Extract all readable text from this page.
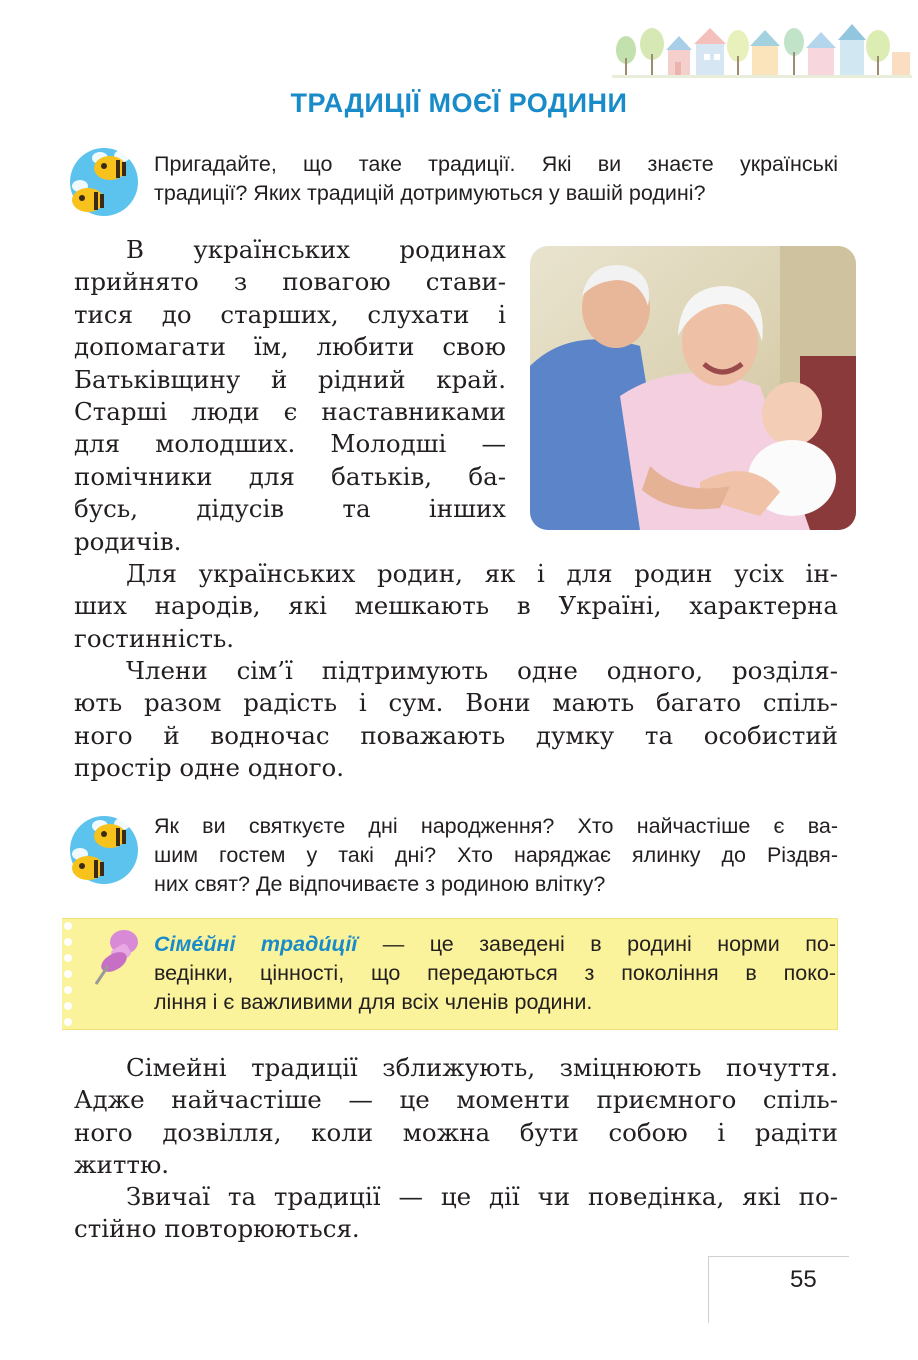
ТРАДИЦІЇ МОЄЇ РОДИНИ
Пригадайте, що таке традиції. Які ви знаєте українські
традиції? Яких традицій дотримуються у вашій родині?
В українських родинах
прийнято з повагою стави-
тися до старших, слухати і
допомагати їм, любити свою
Батьківщину й рідний край.
Старші люди є наставниками
для молодших. Молодші —
помічники для батьків, ба-
бусь, дідусів та інших
родичів.
Для українських родин, як і для родин усіх ін-
ших народів, які мешкають в Україні, характерна
гостинність.
Члени сім’ї підтримують одне одного, розділя-
ють разом радість і сум. Вони мають багато спіль-
ного й водночас поважають думку та особистий
простір одне одного.
Як ви святкуєте дні народження? Хто найчастіше є ва-
шим гостем у такі дні? Хто наряджає ялинку до Різдвя-
них свят? Де відпочиваєте з родиною влітку?
Сіме́йні тради́ції — це заведені в родині норми по-
ведінки, цінності, що передаються з покоління в поко-
ління і є важливими для всіх членів родини.
Сімейні традиції зближують, зміцнюють почуття.
Адже найчастіше — це моменти приємного спіль-
ного дозвілля, коли можна бути собою і радіти
життю.
Звичаї та традиції — це дії чи поведінка, які по-
стійно повторюються.
55
